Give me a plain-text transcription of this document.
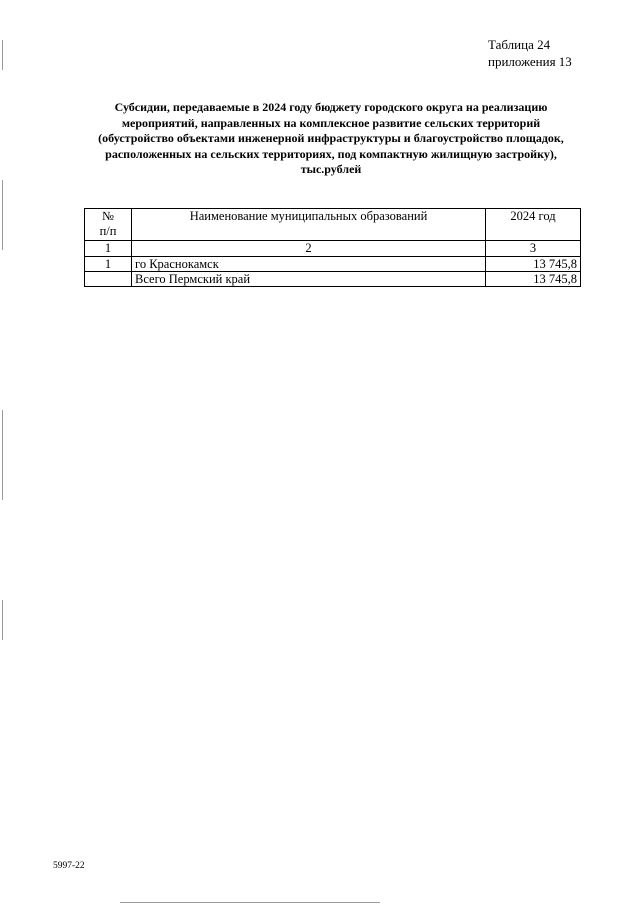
Таблица 24
приложения 13
Субсидии, передаваемые в 2024 году бюджету городского округа на реализацию
мероприятий, направленных на комплексное развитие сельских территорий
(обустройство объектами инженерной инфраструктуры и благоустройство площадок,
расположенных на сельских территориях, под компактную жилищную застройку),
тыс.рублей
№
п/п	Наименование муниципальных образований	2024 год
1	2	3
1	го Краснокамск	13 745,8
	Всего Пермский край	13 745,8
5997-22
